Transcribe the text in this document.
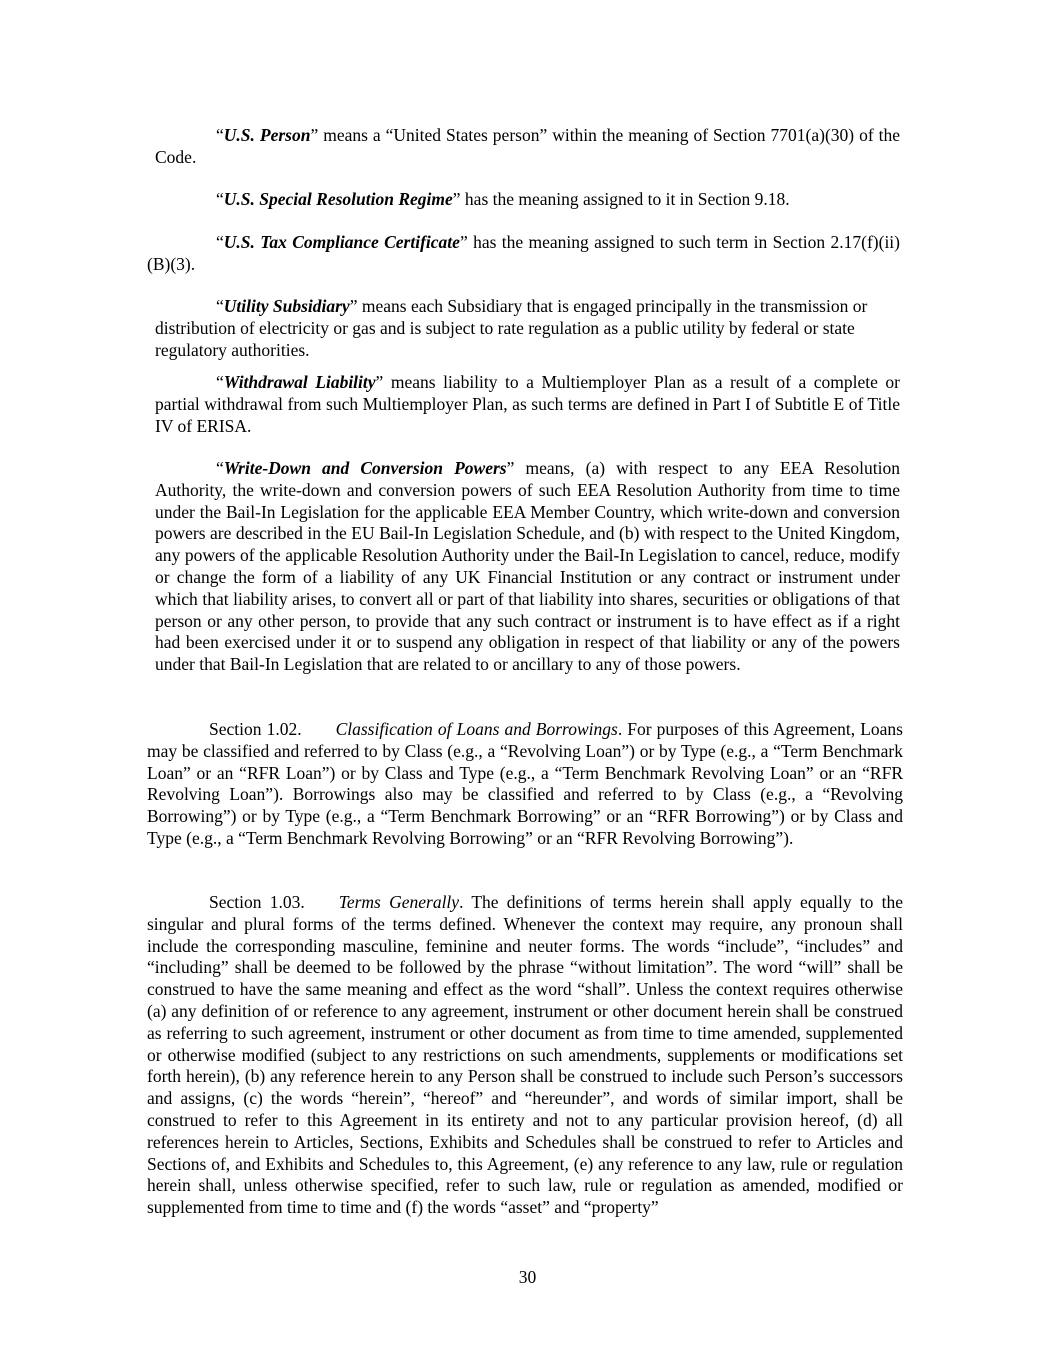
“U.S. Person” means a “United States person” within the meaning of Section 7701(a)(30) of the Code.

“U.S. Special Resolution Regime” has the meaning assigned to it in Section 9.18.

“U.S. Tax Compliance Certificate” has the meaning assigned to such term in Section 2.17(f)(ii)(B)(3).

“Utility Subsidiary” means each Subsidiary that is engaged principally in the transmission or distribution of electricity or gas and is subject to rate regulation as a public utility by federal or state regulatory authorities.

“Withdrawal Liability” means liability to a Multiemployer Plan as a result of a complete or partial withdrawal from such Multiemployer Plan, as such terms are defined in Part I of Subtitle E of Title IV of ERISA.

“Write-Down and Conversion Powers” means, (a) with respect to any EEA Resolution Authority, the write-down and conversion powers of such EEA Resolution Authority from time to time under the Bail-In Legislation for the applicable EEA Member Country, which write-down and conversion powers are described in the EU Bail-In Legislation Schedule, and (b) with respect to the United Kingdom, any powers of the applicable Resolution Authority under the Bail-In Legislation to cancel, reduce, modify or change the form of a liability of any UK Financial Institution or any contract or instrument under which that liability arises, to convert all or part of that liability into shares, securities or obligations of that person or any other person, to provide that any such contract or instrument is to have effect as if a right had been exercised under it or to suspend any obligation in respect of that liability or any of the powers under that Bail-In Legislation that are related to or ancillary to any of those powers.

Section 1.02. Classification of Loans and Borrowings. For purposes of this Agreement, Loans may be classified and referred to by Class (e.g., a “Revolving Loan”) or by Type (e.g., a “Term Benchmark Loan” or an “RFR Loan”) or by Class and Type (e.g., a “Term Benchmark Revolving Loan” or an “RFR Revolving Loan”). Borrowings also may be classified and referred to by Class (e.g., a “Revolving Borrowing”) or by Type (e.g., a “Term Benchmark Borrowing” or an “RFR Borrowing”) or by Class and Type (e.g., a “Term Benchmark Revolving Borrowing” or an “RFR Revolving Borrowing”).

Section 1.03. Terms Generally. The definitions of terms herein shall apply equally to the singular and plural forms of the terms defined. Whenever the context may require, any pronoun shall include the corresponding masculine, feminine and neuter forms. The words “include”, “includes” and “including” shall be deemed to be followed by the phrase “without limitation”. The word “will” shall be construed to have the same meaning and effect as the word “shall”. Unless the context requires otherwise (a) any definition of or reference to any agreement, instrument or other document herein shall be construed as referring to such agreement, instrument or other document as from time to time amended, supplemented or otherwise modified (subject to any restrictions on such amendments, supplements or modifications set forth herein), (b) any reference herein to any Person shall be construed to include such Person’s successors and assigns, (c) the words “herein”, “hereof” and “hereunder”, and words of similar import, shall be construed to refer to this Agreement in its entirety and not to any particular provision hereof, (d) all references herein to Articles, Sections, Exhibits and Schedules shall be construed to refer to Articles and Sections of, and Exhibits and Schedules to, this Agreement, (e) any reference to any law, rule or regulation herein shall, unless otherwise specified, refer to such law, rule or regulation as amended, modified or supplemented from time to time and (f) the words “asset” and “property”

30
